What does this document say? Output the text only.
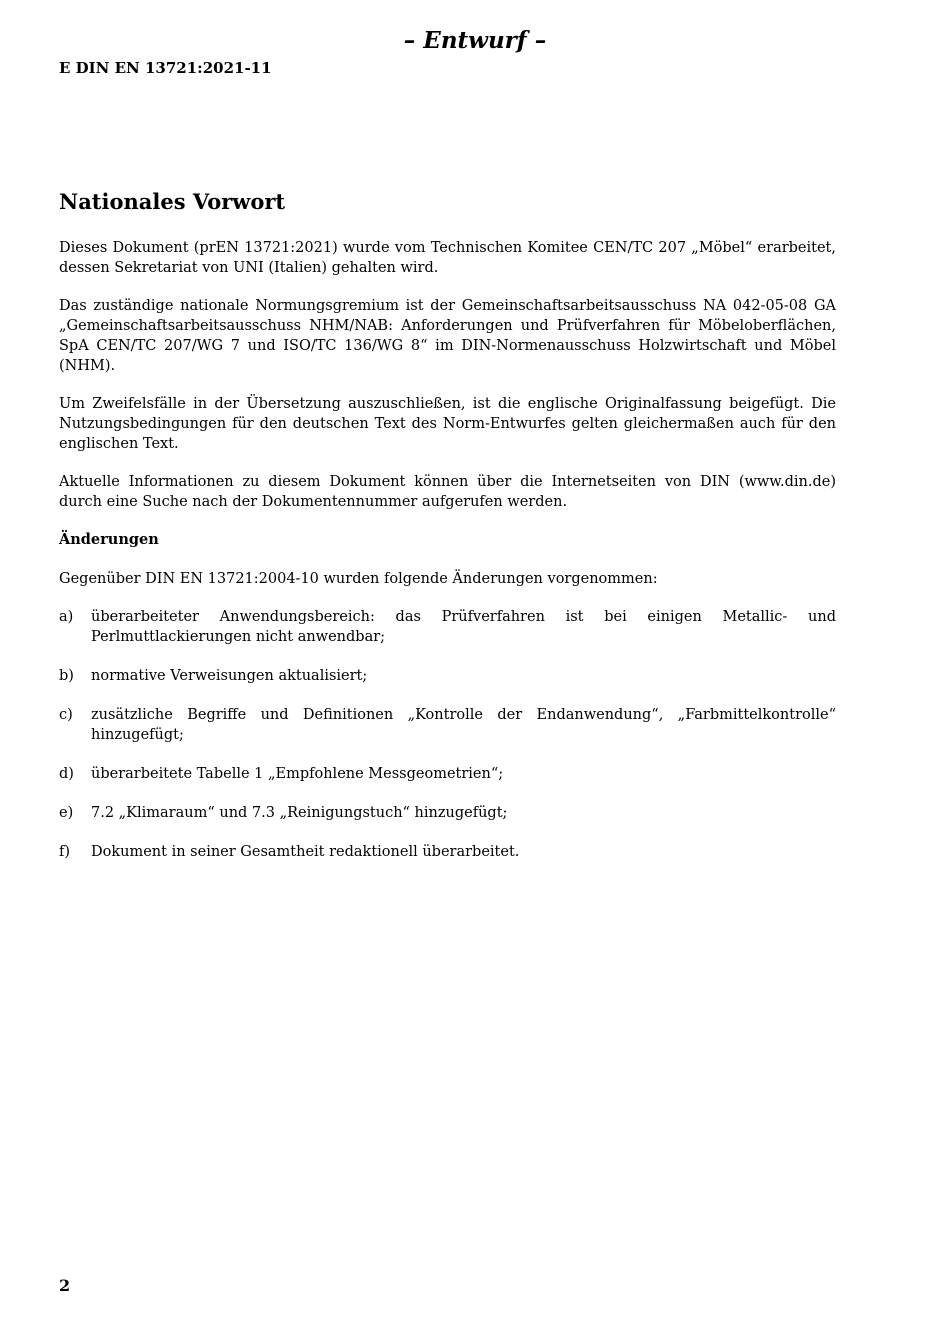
– Entwurf –
E DIN EN 13721:2021-11
Nationales Vorwort

Dieses Dokument (prEN 13721:2021) wurde vom Technischen Komitee CEN/TC 207 „Möbel“ erarbeitet, dessen Sekretariat von UNI (Italien) gehalten wird.

Das zuständige nationale Normungsgremium ist der Gemeinschaftsarbeitsausschuss NA 042-05-08 GA „Gemeinschaftsarbeitsausschuss NHM/NAB: Anforderungen und Prüfverfahren für Möbeloberflächen, SpA CEN/TC 207/WG 7 und ISO/TC 136/WG 8“ im DIN-Normenausschuss Holzwirtschaft und Möbel (NHM).

Um Zweifelsfälle in der Übersetzung auszuschließen, ist die englische Originalfassung beigefügt. Die Nutzungsbedingungen für den deutschen Text des Norm-Entwurfes gelten gleichermaßen auch für den englischen Text.

Aktuelle Informationen zu diesem Dokument können über die Internetseiten von DIN (www.din.de) durch eine Suche nach der Dokumentennummer aufgerufen werden.

Änderungen

Gegenüber DIN EN 13721:2004-10 wurden folgende Änderungen vorgenommen:

a)	überarbeiteter Anwendungsbereich: das Prüfverfahren ist bei einigen Metallic- und Perlmuttlackierungen nicht anwendbar;
b)	normative Verweisungen aktualisiert;
c)	zusätzliche Begriffe und Definitionen „Kontrolle der Endanwendung“, „Farbmittelkontrolle“ hinzugefügt;
d)	überarbeitete Tabelle 1 „Empfohlene Messgeometrien“;
e)	7.2 „Klimaraum“ und 7.3 „Reinigungstuch“ hinzugefügt;
f)	Dokument in seiner Gesamtheit redaktionell überarbeitet.
2
